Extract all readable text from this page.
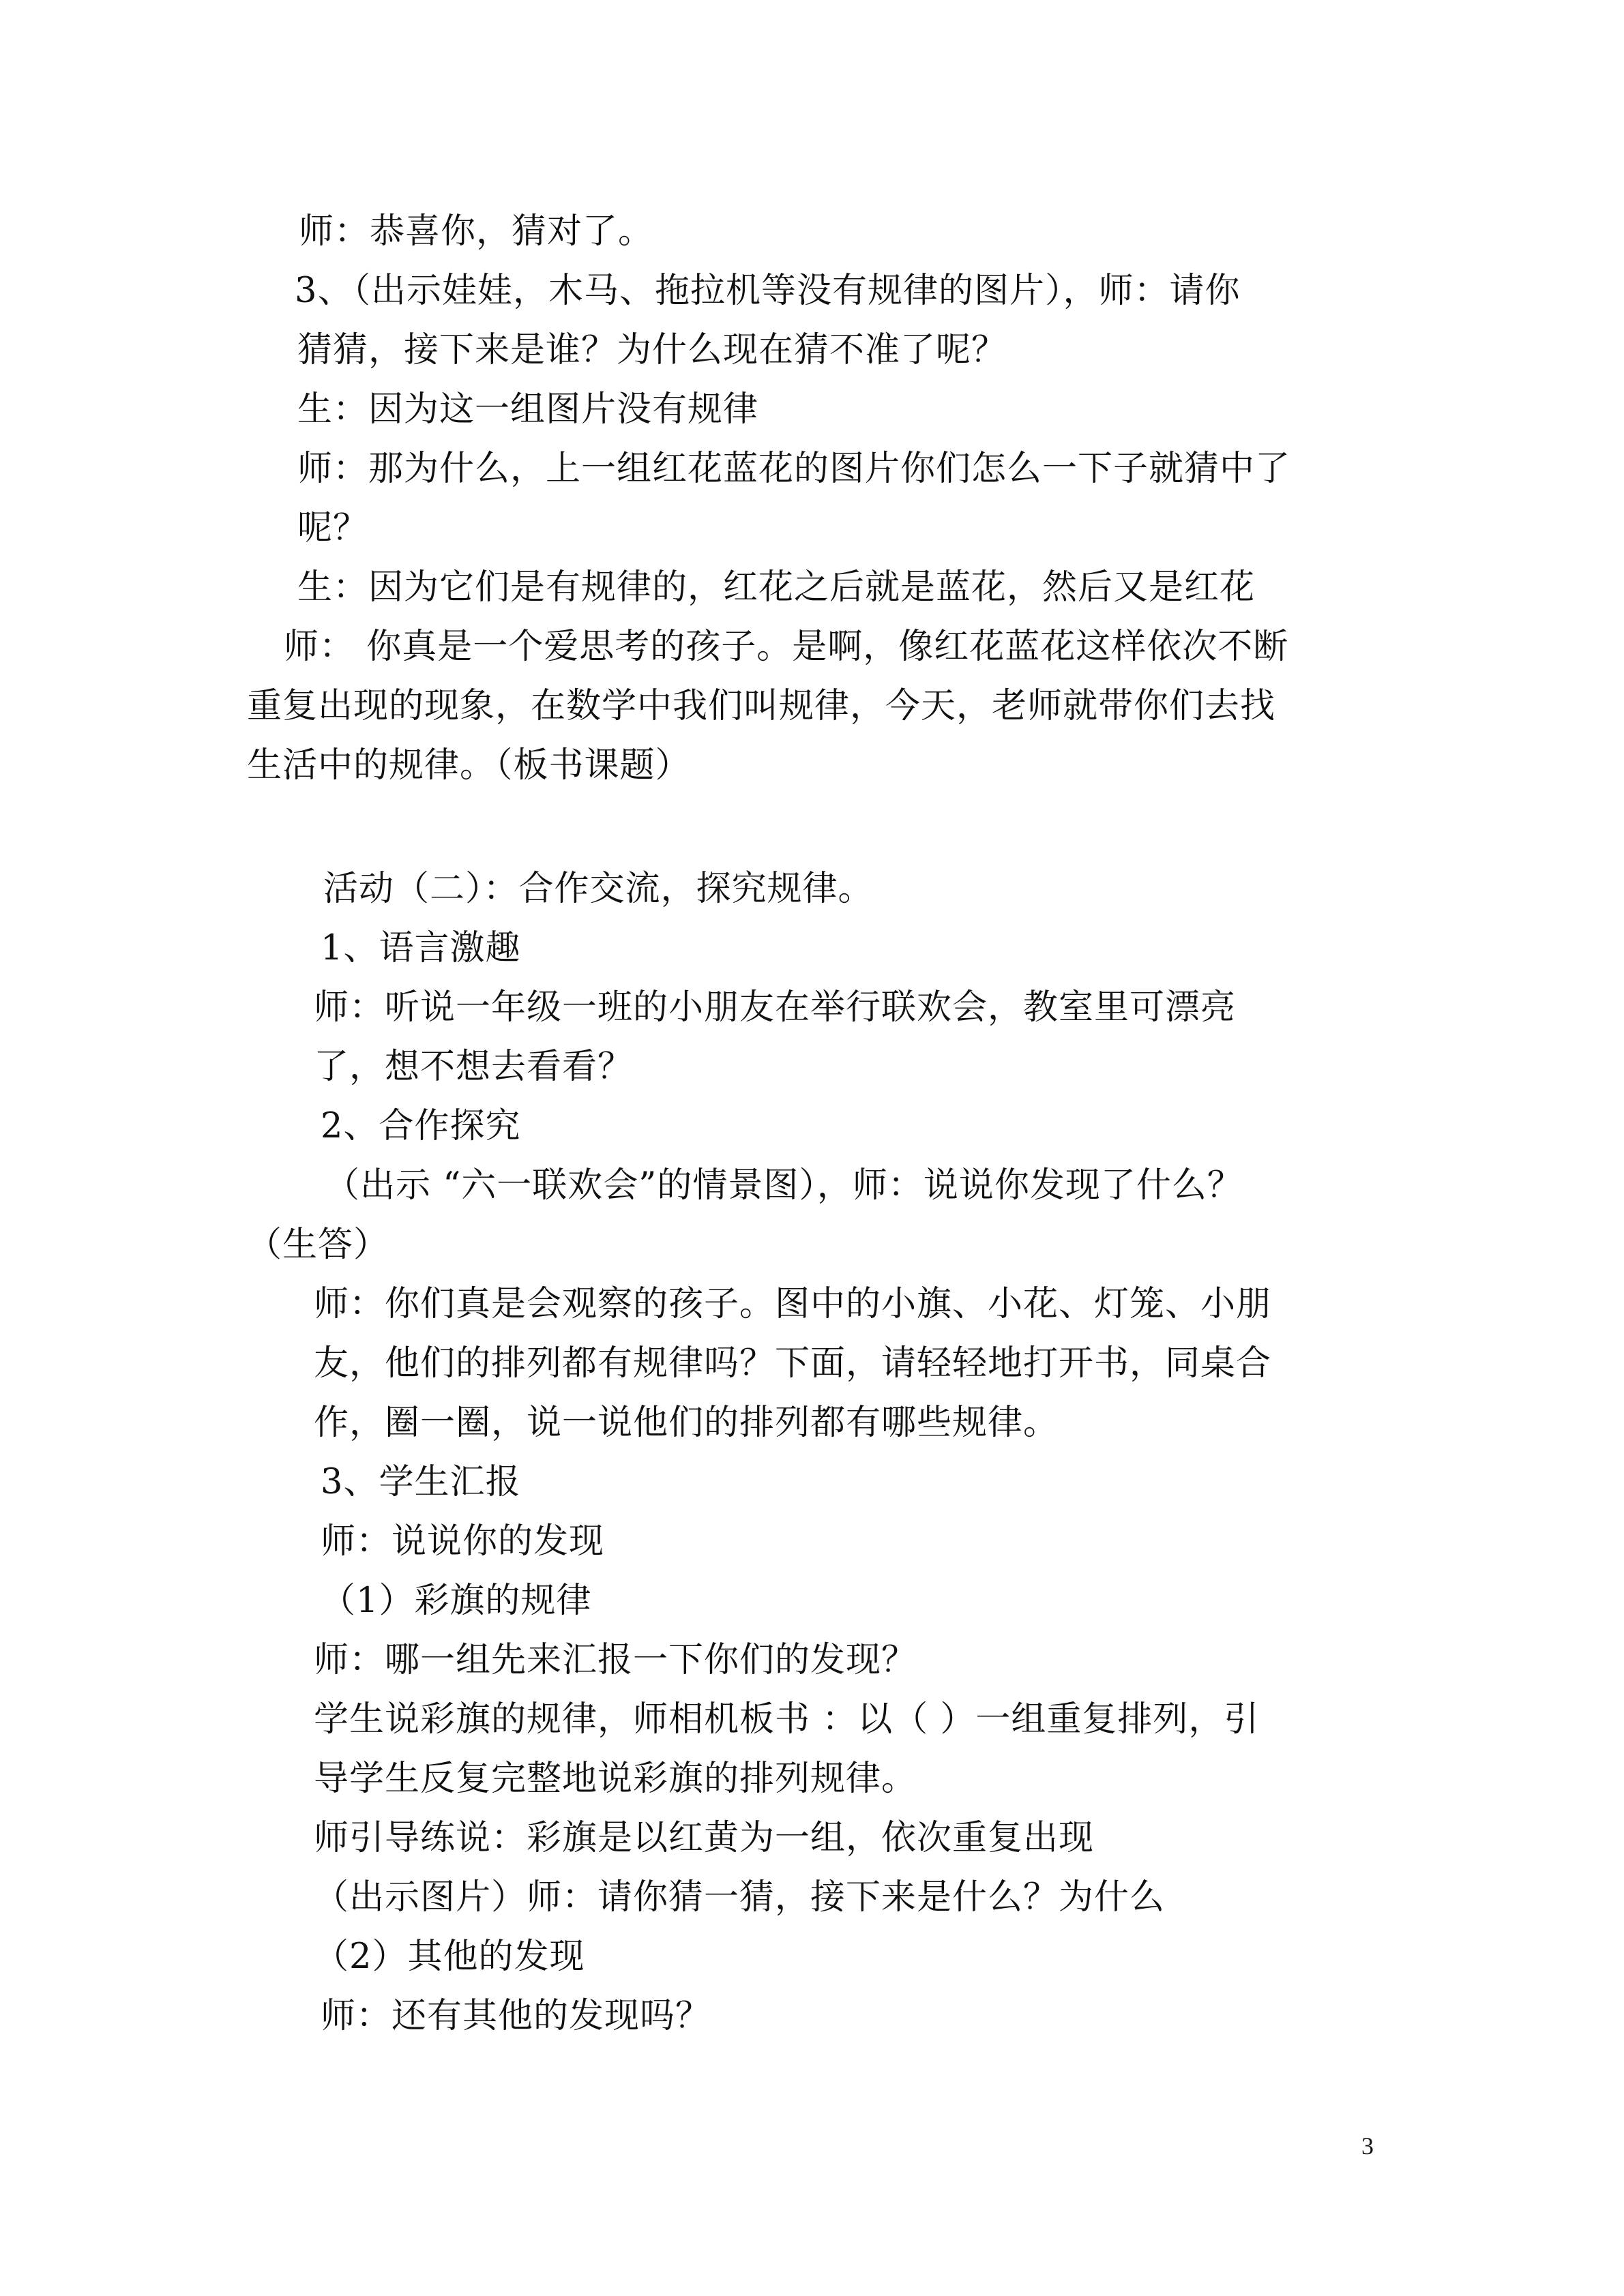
师：恭喜你，猜对了。
3、（出示娃娃，木马、拖拉机等没有规律的图片），师：请你
猜猜，接下来是谁？为什么现在猜不准了呢？
生：因为这一组图片没有规律
师：那为什么，上一组红花蓝花的图片你们怎么一下子就猜中了
呢？
生：因为它们是有规律的，红花之后就是蓝花，然后又是红花
师： 你真是一个爱思考的孩子。是啊，像红花蓝花这样依次不断
重复出现的现象，在数学中我们叫规律，今天，老师就带你们去找
生活中的规律。（板书课题）
活动（二）：合作交流，探究规律。
1、语言激趣
师：听说一年级一班的小朋友在举行联欢会，教室里可漂亮
了，想不想去看看？
2、合作探究
（出示 “六一联欢会”的情景图），师：说说你发现了什么？
（生答）
师：你们真是会观察的孩子。图中的小旗、小花、灯笼、小朋
友，他们的排列都有规律吗？下面，请轻轻地打开书，同桌合
作，圈一圈，说一说他们的排列都有哪些规律。
3、学生汇报
师：说说你的发现
（1）彩旗的规律
师：哪一组先来汇报一下你们的发现？
学生说彩旗的规律，师相机板书 ：以（ ）一组重复排列，引
导学生反复完整地说彩旗的排列规律。
师引导练说：彩旗是以红黄为一组，依次重复出现
（出示图片）师：请你猜一猜，接下来是什么？为什么
（2）其他的发现
师：还有其他的发现吗？
3
